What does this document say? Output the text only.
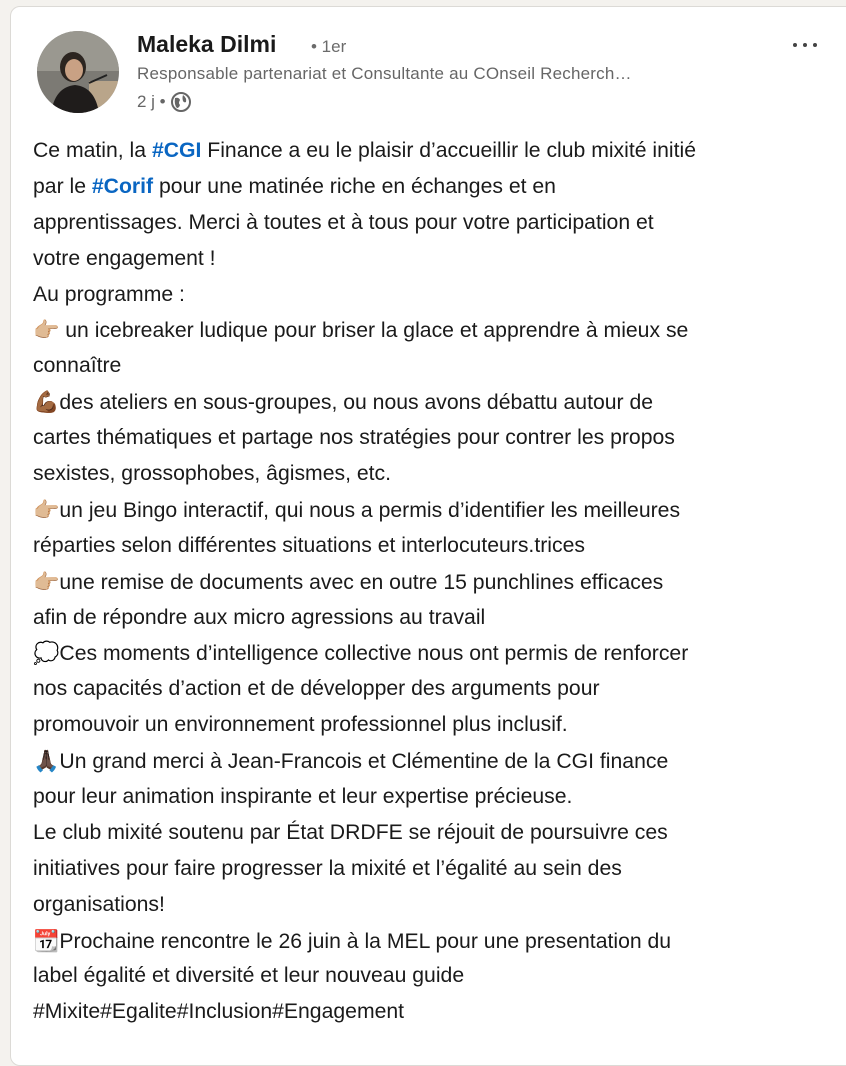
Maleka Dilmi • 1er
Responsable partenariat et Consultante au COnseil Recherch…
2 j •
Ce matin, la #CGI Finance a eu le plaisir d’accueillir le club mixité initié
par le #Corif pour une matinée riche en échanges et en
apprentissages. Merci à toutes et à tous pour votre participation et
votre engagement !
Au programme :
👉🏼 un icebreaker ludique pour briser la glace et apprendre à mieux se
connaître
💪🏾des ateliers en sous-groupes, ou nous avons débattu autour de
cartes thématiques et partage nos stratégies pour contrer les propos
sexistes, grossophobes, âgismes, etc.
👉🏼un jeu Bingo interactif, qui nous a permis d’identifier les meilleures
réparties selon différentes situations et interlocuteurs.trices
👉🏼une remise de documents avec en outre 15 punchlines efficaces
afin de répondre aux micro agressions au travail
💭Ces moments d’intelligence collective nous ont permis de renforcer
nos capacités d’action et de développer des arguments pour
promouvoir un environnement professionnel plus inclusif.
🙏🏿Un grand merci à Jean-Francois et Clémentine de la CGI finance
pour leur animation inspirante et leur expertise précieuse.
Le club mixité soutenu par État DRDFE se réjouit de poursuivre ces
initiatives pour faire progresser la mixité et l’égalité au sein des
organisations!
📆Prochaine rencontre le 26 juin à la MEL pour une presentation du
label égalité et diversité et leur nouveau guide
#Mixite#Egalite#Inclusion#Engagement
